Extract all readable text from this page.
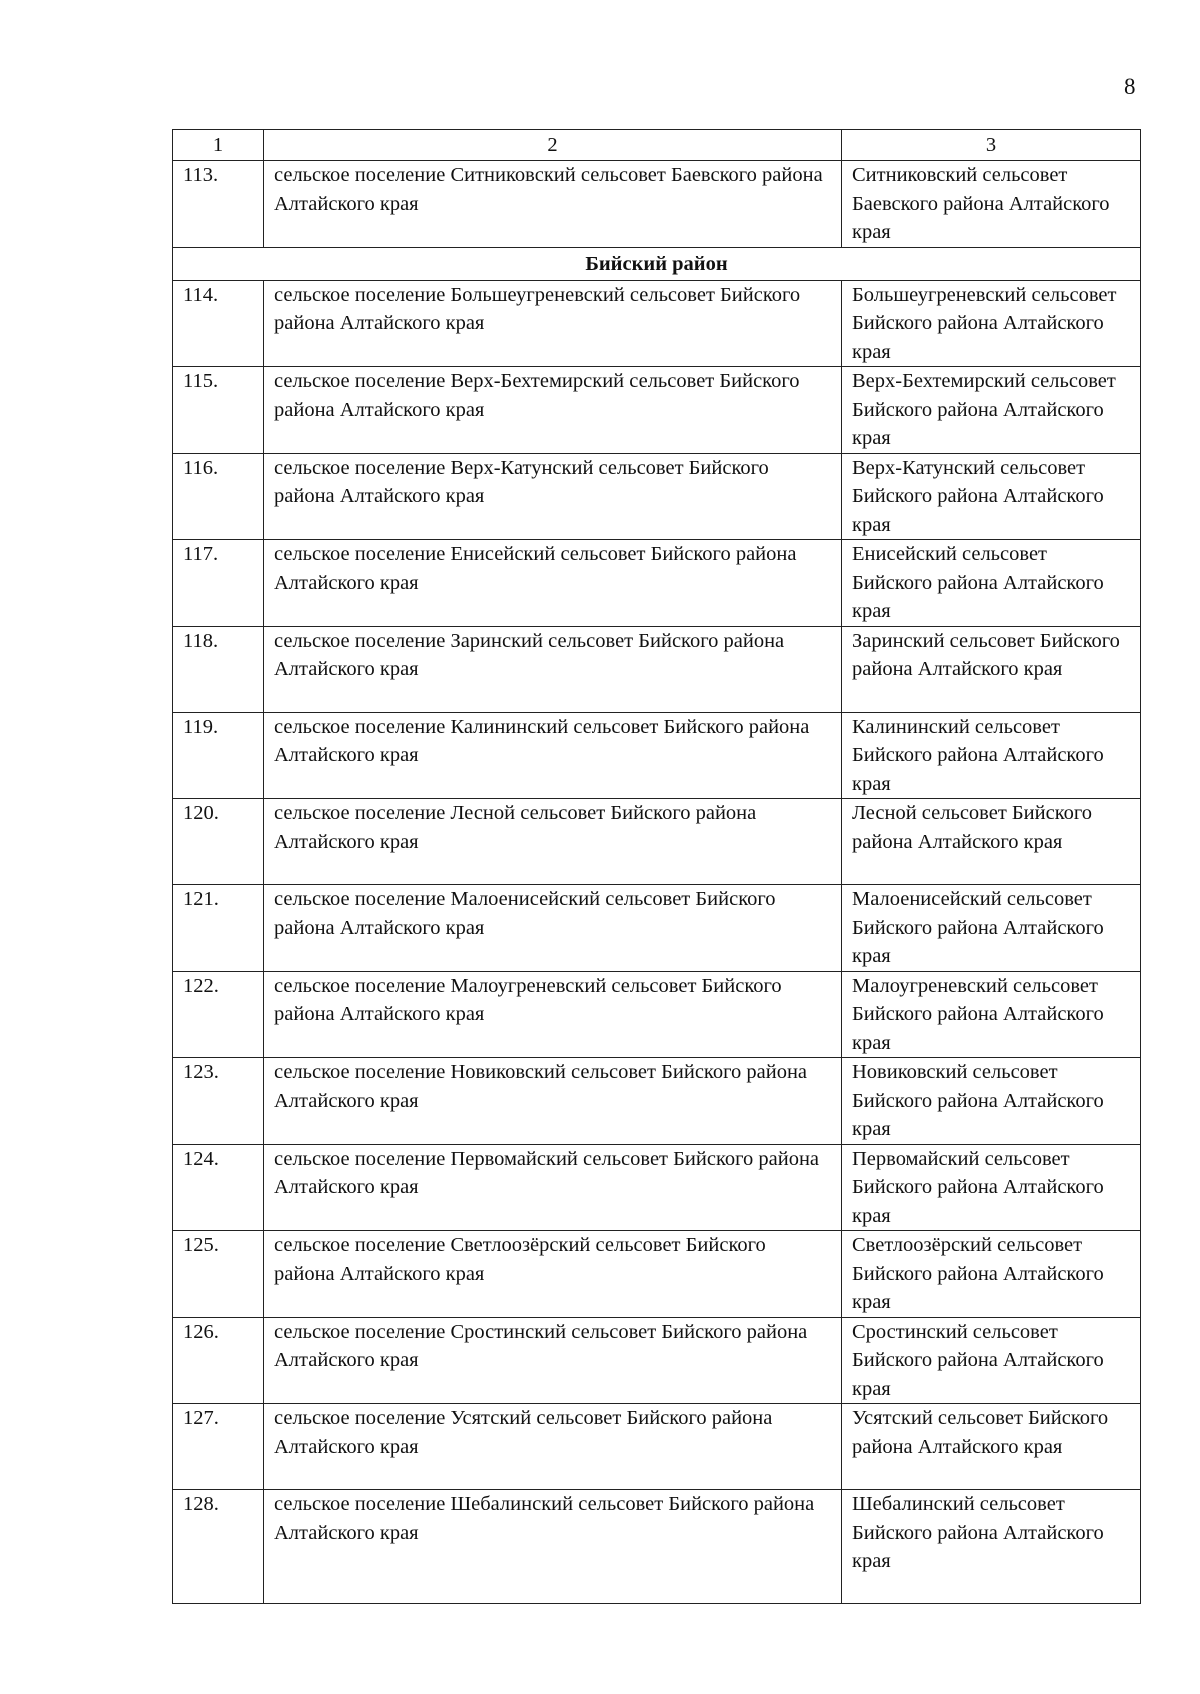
8
1	2	3
113.	сельское поселение Ситниковский сельсовет Баевского района Алтайского края	Ситниковский сельсовет Баевского района Алтайского края
Бийский район		
114.	сельское поселение Большеугреневский сельсовет Бийского района Алтайского края	Большеугреневский сельсовет Бийского района Алтайского края
115.	сельское поселение Верх-Бехтемирский сельсовет Бийского района Алтайского края	Верх-Бехтемирский сельсовет Бийского района Алтайского края
116.	сельское поселение Верх-Катунский сельсовет Бийского района Алтайского края	Верх-Катунский сельсовет Бийского района Алтайского края
117.	сельское поселение Енисейский сельсовет Бийского района Алтайского края	Енисейский сельсовет Бийского района Алтайского края
118.	сельское поселение Заринский сельсовет Бийского района Алтайского края	Заринский сельсовет Бийского района Алтайского края
119.	сельское поселение Калининский сельсовет Бийского района Алтайского края	Калининский сельсовет Бийского района Алтайского края
120.	сельское поселение Лесной сельсовет Бийского района Алтайского края	Лесной сельсовет Бийского района Алтайского края
121.	сельское поселение Малоенисейский сельсовет Бийского района Алтайского края	Малоенисейский сельсовет Бийского района Алтайского края
122.	сельское поселение Малоугреневский сельсовет Бийского района Алтайского края	Малоугреневский сельсовет Бийского района Алтайского края
123.	сельское поселение Новиковский сельсовет Бийского района Алтайского края	Новиковский сельсовет Бийского района Алтайского края
124.	сельское поселение Первомайский сельсовет Бийского района Алтайского края	Первомайский сельсовет Бийского района Алтайского края
125.	сельское поселение Светлоозёрский сельсовет Бийского района Алтайского края	Светлоозёрский сельсовет Бийского района Алтайского края
126.	сельское поселение Сростинский сельсовет Бийского района Алтайского края	Сростинский сельсовет Бийского района Алтайского края
127.	сельское поселение Усятский сельсовет Бийского района Алтайского края	Усятский сельсовет Бийского района Алтайского края
128.	сельское поселение Шебалинский сельсовет Бийского района Алтайского края	Шебалинский сельсовет Бийского района Алтайского края
